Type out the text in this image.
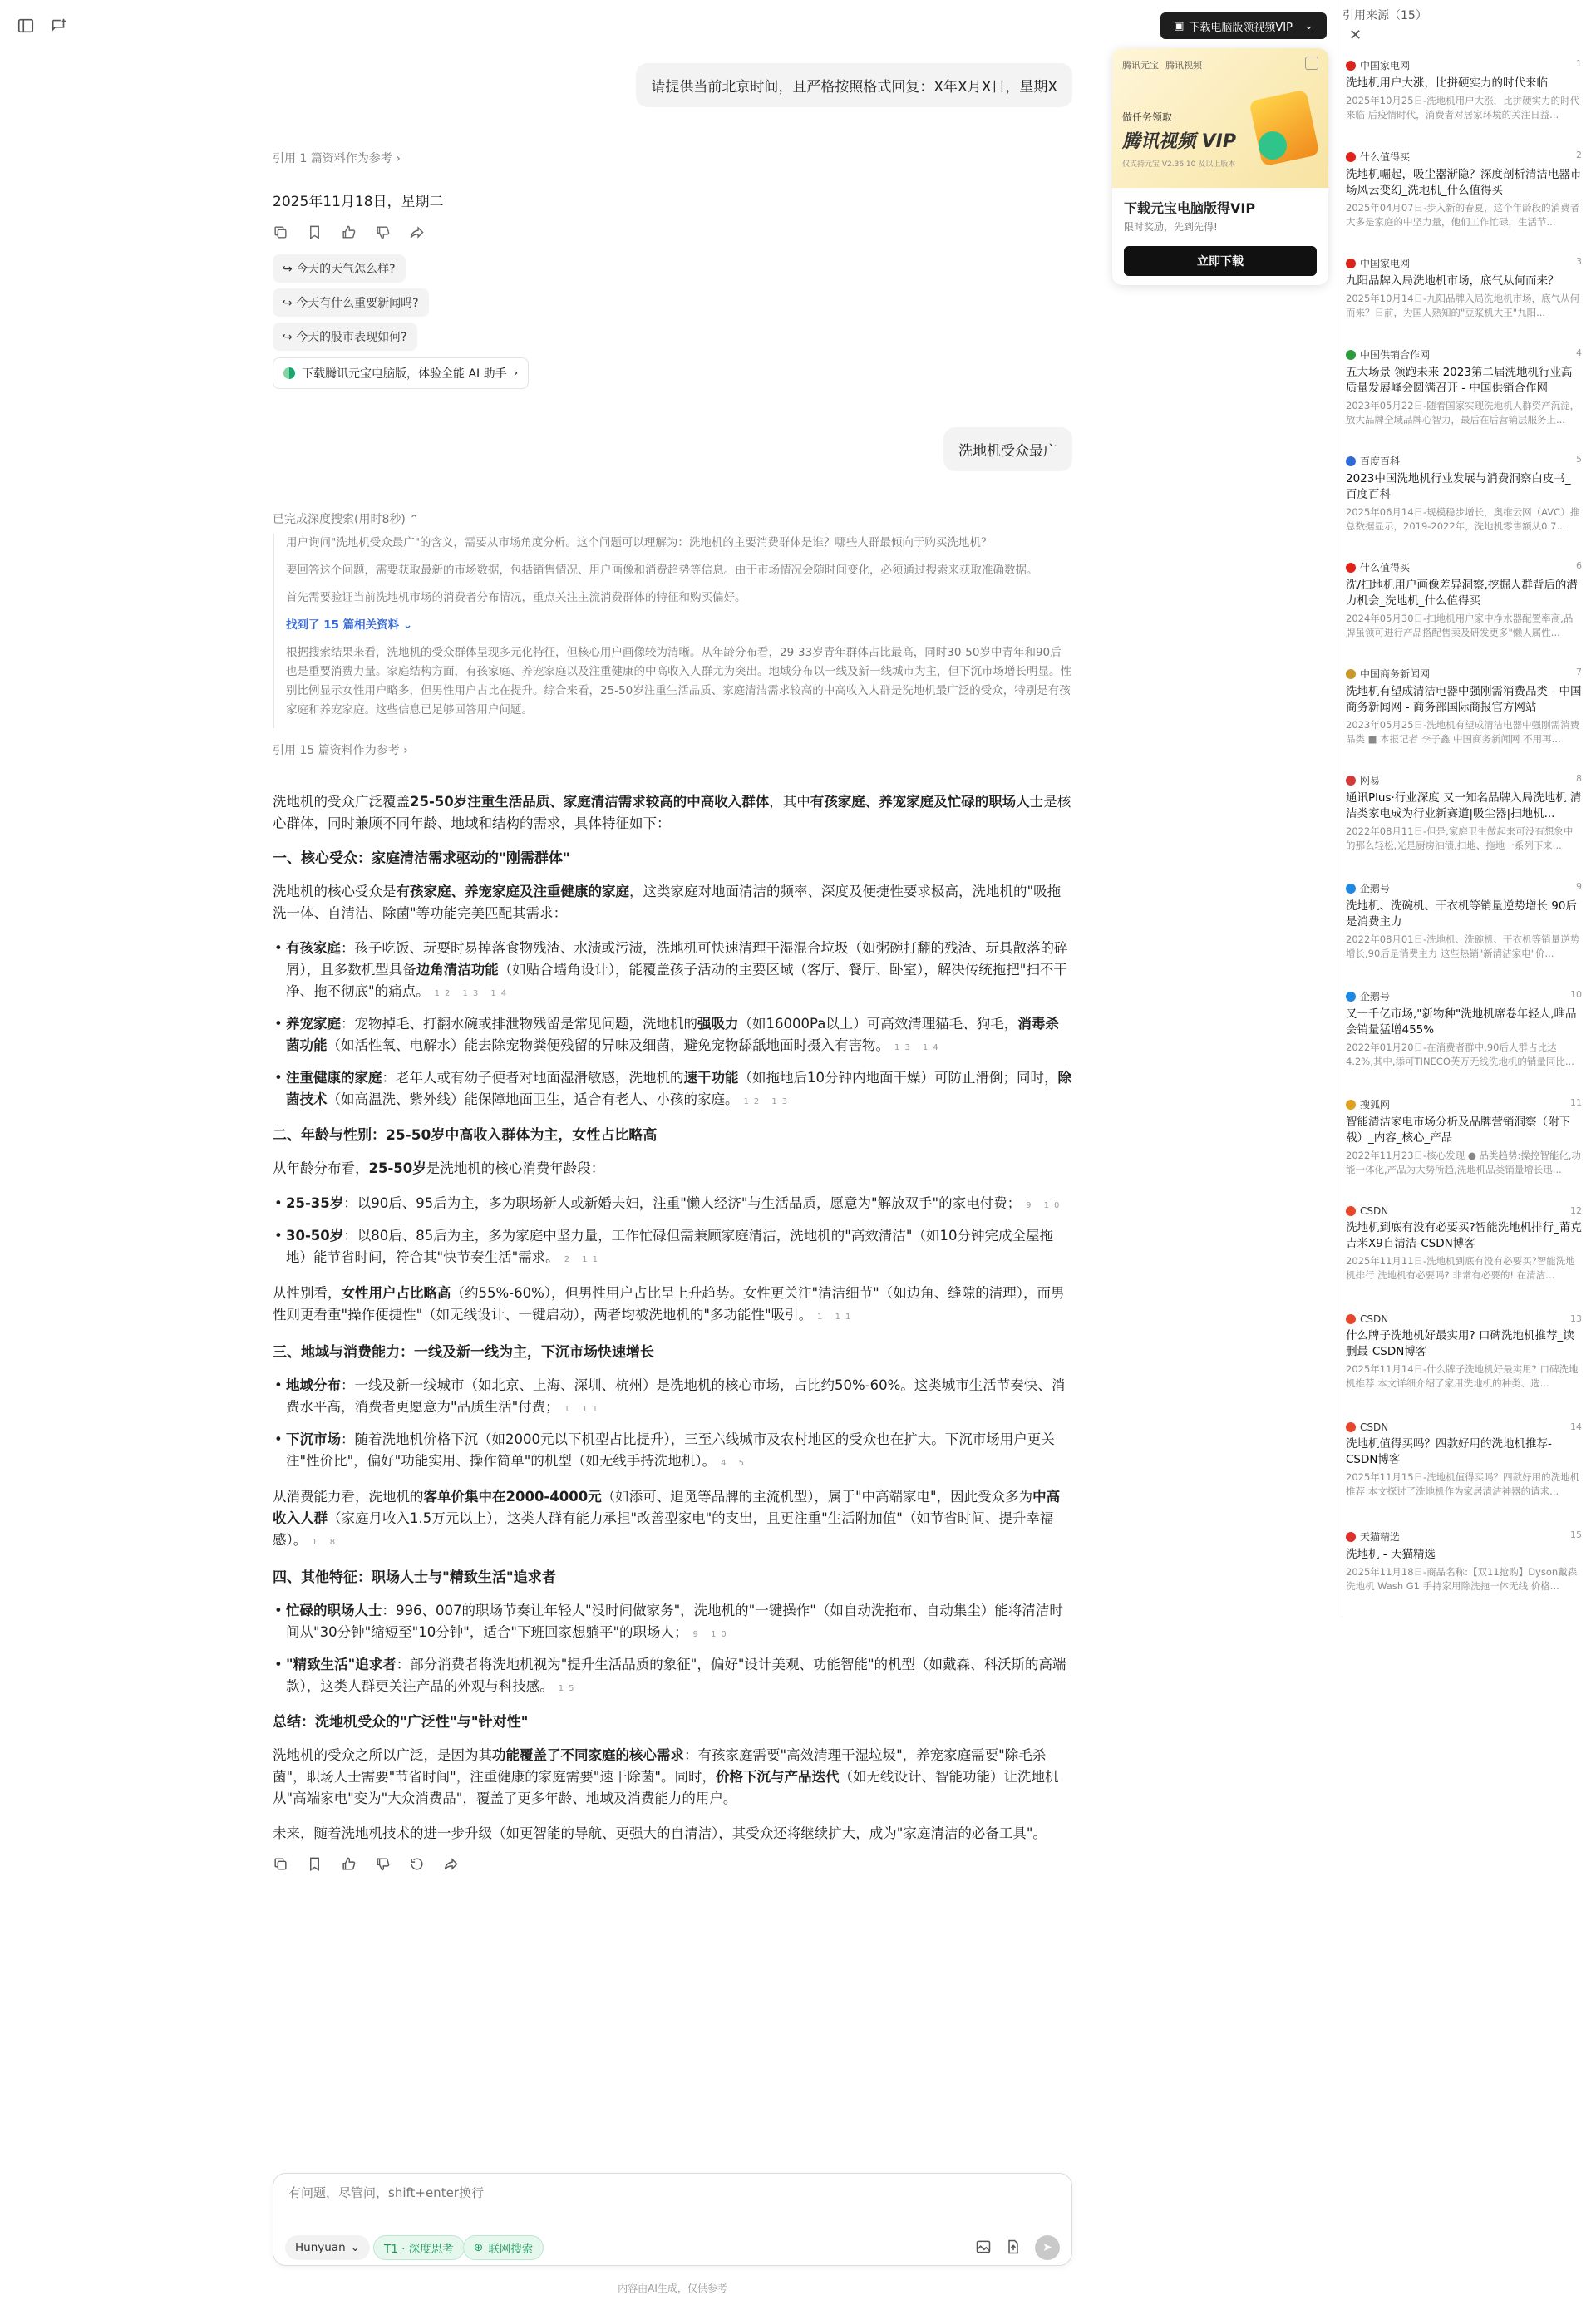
▣ 下载电脑版领视频VIP ⌄
腾讯元宝 腾讯视频
做任务领取
腾讯视频 VIP
仅支持元宝 V2.36.10 及以上版本
下载元宝电脑版得VIP
限时奖励，先到先得!
立即下载
请提供当前北京时间，且严格按照格式回复：X年X月X日，星期X
引用 1 篇资料作为参考 ›
2025年11月18日，星期二
↪ 今天的天气怎么样?
↪ 今天有什么重要新闻吗?
↪ 今天的股市表现如何?
下载腾讯元宝电脑版，体验全能 AI 助手 ›
洗地机受众最广
已完成深度搜索(用时8秒) ⌃

用户询问"洗地机受众最广"的含义，需要从市场角度分析。这个问题可以理解为：洗地机的主要消费群体是谁？哪些人群最倾向于购买洗地机？

要回答这个问题，需要获取最新的市场数据，包括销售情况、用户画像和消费趋势等信息。由于市场情况会随时间变化，必须通过搜索来获取准确数据。

首先需要验证当前洗地机市场的消费者分布情况，重点关注主流消费群体的特征和购买偏好。

找到了 15 篇相关资料 ⌄

根据搜索结果来看，洗地机的受众群体呈现多元化特征，但核心用户画像较为清晰。从年龄分布看，29-33岁青年群体占比最高，同时30-50岁中青年和90后也是重要消费力量。家庭结构方面，有孩家庭、养宠家庭以及注重健康的中高收入人群尤为突出。地域分布以一线及新一线城市为主，但下沉市场增长明显。性别比例显示女性用户略多，但男性用户占比在提升。综合来看，25-50岁注重生活品质、家庭清洁需求较高的中高收入人群是洗地机最广泛的受众，特别是有孩家庭和养宠家庭。这些信息已足够回答用户问题。

引用 15 篇资料作为参考 ›

洗地机的受众广泛覆盖25-50岁注重生活品质、家庭清洁需求较高的中高收入群体，其中有孩家庭、养宠家庭及忙碌的职场人士是核心群体，同时兼顾不同年龄、地域和结构的需求，具体特征如下：

一、核心受众：家庭清洁需求驱动的"刚需群体"

洗地机的核心受众是有孩家庭、养宠家庭及注重健康的家庭，这类家庭对地面清洁的频率、深度及便捷性要求极高，洗地机的"吸拖洗一体、自清洁、除菌"等功能完美匹配其需求：

• 有孩家庭：孩子吃饭、玩耍时易掉落食物残渣、水渍或污渍，洗地机可快速清理干湿混合垃圾（如粥碗打翻的残渣、玩具散落的碎屑），且多数机型具备边角清洁功能（如贴合墙角设计），能覆盖孩子活动的主要区域（客厅、餐厅、卧室），解决传统拖把"扫不干净、拖不彻底"的痛点。 12 13 14
• 养宠家庭：宠物掉毛、打翻水碗或排泄物残留是常见问题，洗地机的强吸力（如16000Pa以上）可高效清理猫毛、狗毛，消毒杀菌功能（如活性氧、电解水）能去除宠物粪便残留的异味及细菌，避免宠物舔舐地面时摄入有害物。 13 14
• 注重健康的家庭：老年人或有幼子便者对地面湿滑敏感，洗地机的速干功能（如拖地后10分钟内地面干燥）可防止滑倒；同时，除菌技术（如高温洗、紫外线）能保障地面卫生，适合有老人、小孩的家庭。 12 13
二、年龄与性别：25-50岁中高收入群体为主，女性占比略高

从年龄分布看，25-50岁是洗地机的核心消费年龄段：

• 25-35岁：以90后、95后为主，多为职场新人或新婚夫妇，注重"懒人经济"与生活品质，愿意为"解放双手"的家电付费； 9 10
• 30-50岁：以80后、85后为主，多为家庭中坚力量，工作忙碌但需兼顾家庭清洁，洗地机的"高效清洁"（如10分钟完成全屋拖地）能节省时间，符合其"快节奏生活"需求。 2 11

从性别看，女性用户占比略高（约55%-60%），但男性用户占比呈上升趋势。女性更关注"清洁细节"（如边角、缝隙的清理），而男性则更看重"操作便捷性"（如无线设计、一键启动），两者均被洗地机的"多功能性"吸引。 1 11

三、地域与消费能力：一线及新一线为主，下沉市场快速增长
• 地域分布：一线及新一线城市（如北京、上海、深圳、杭州）是洗地机的核心市场，占比约50%-60%。这类城市生活节奏快、消费水平高，消费者更愿意为"品质生活"付费； 1 11
• 下沉市场：随着洗地机价格下沉（如2000元以下机型占比提升），三至六线城市及农村地区的受众也在扩大。下沉市场用户更关注"性价比"，偏好"功能实用、操作简单"的机型（如无线手持洗地机）。 4 5

从消费能力看，洗地机的客单价集中在2000-4000元（如添可、追觅等品牌的主流机型），属于"中高端家电"，因此受众多为中高收入人群（家庭月收入1.5万元以上），这类人群有能力承担"改善型家电"的支出，且更注重"生活附加值"（如节省时间、提升幸福感）。 1 8

四、其他特征：职场人士与"精致生活"追求者
• 忙碌的职场人士：996、007的职场节奏让年轻人"没时间做家务"，洗地机的"一键操作"（如自动洗拖布、自动集尘）能将清洁时间从"30分钟"缩短至"10分钟"，适合"下班回家想躺平"的职场人； 9 10
• "精致生活"追求者：部分消费者将洗地机视为"提升生活品质的象征"，偏好"设计美观、功能智能"的机型（如戴森、科沃斯的高端款），这类人群更关注产品的外观与科技感。 15
总结：洗地机受众的"广泛性"与"针对性"

洗地机的受众之所以广泛，是因为其功能覆盖了不同家庭的核心需求：有孩家庭需要"高效清理干湿垃圾"，养宠家庭需要"除毛杀菌"，职场人士需要"节省时间"，注重健康的家庭需要"速干除菌"。同时，价格下沉与产品迭代（如无线设计、智能功能）让洗地机从"高端家电"变为"大众消费品"，覆盖了更多年龄、地域及消费能力的用户。

未来，随着洗地机技术的进一步升级（如更智能的导航、更强大的自清洁），其受众还将继续扩大，成为"家庭清洁的必备工具"。

有问题，尽管问，shift+enter换行
Hunyuan ⌄ T1 · 深度思考 ⊕ 联网搜索	➤
内容由AI生成，仅供参考
引用来源（15）
✕
中国家电网	1
洗地机用户大涨，比拼硬实力的时代来临
2025年10月25日-洗地机用户大涨，比拼硬实力的时代来临 后疫情时代，消费者对居家环境的关注日益...
什么值得买	2
洗地机崛起，吸尘器渐隐？深度剖析清洁电器市场风云变幻_洗地机_什么值得买
2025年04月07日-步入新的春夏，这个年龄段的消费者大多是家庭的中坚力量，他们工作忙碌，生活节...
中国家电网	3
九阳品牌入局洗地机市场，底气从何而来？
2025年10月14日-九阳品牌入局洗地机市场，底气从何而来？日前，为国人熟知的"豆浆机大王"九阳...
中国供销合作网	4
五大场景 领跑未来 2023第二届洗地机行业高质量发展峰会圆满召开 - 中国供销合作网
2023年05月22日-随着国家实现洗地机人群资产沉淀，放大品牌全域品牌心智力，最后在后营销层服务上...
百度百科	5
2023中国洗地机行业发展与消费洞察白皮书_百度百科
2025年06月14日-规模稳步增长，奥维云网（AVC）推总数据显示，2019-2022年，洗地机零售额从0.7...
什么值得买	6
洗/扫地机用户画像差异洞察,挖掘人群背后的潜力机会_洗地机_什么值得买
2024年05月30日-扫地机用户家中净水器配置率高,品牌虽领可进行产品搭配售卖及研发更多"懒人属性...
中国商务新闻网	7
洗地机有望成清洁电器中强刚需消费品类 - 中国商务新闻网 - 商务部国际商报官方网站
2023年05月25日-洗地机有望成清洁电器中强刚需消费品类 ■ 本报记者 李子鑫 中国商务新闻网 不用再...
网易	8
通讯Plus·行业深度 又一知名品牌入局洗地机 清洁类家电成为行业新赛道|吸尘器|扫地机...
2022年08月11日-但是,家庭卫生做起来可没有想象中的那么轻松,光是厨房油渍,扫地、拖地一系列下来...
企鹅号	9
洗地机、洗碗机、干衣机等销量逆势增长 90后是消费主力
2022年08月01日-洗地机、洗碗机、干衣机等销量逆势增长,90后是消费主力 这些热销"新清洁家电"价...
企鹅号	10
又一千亿市场,"新物种"洗地机席卷年轻人,唯品会销量猛增455%
2022年01月20日-在消费者群中,90后人群占比达4.2%,其中,添可TINECO芙万无线洗地机的销量同比...
搜狐网	11
智能清洁家电市场分析及品牌营销洞察（附下载）_内容_核心_产品
2022年11月23日-核心发现 ● 品类趋势:操控智能化,功能一体化,产品为大势所趋,洗地机品类销量增长迅...
CSDN	12
洗地机到底有没有必要买?智能洗地机排行_莆克吉米X9自清洁-CSDN博客
2025年11月11日-洗地机到底有没有必要买?智能洗地机排行 洗地机有必要吗? 非常有必要的! 在清洁...
CSDN	13
什么牌子洗地机好最实用? 口碑洗地机推荐_读删最-CSDN博客
2025年11月14日-什么牌子洗地机好最实用? 口碑洗地机推荐 本文详细介绍了家用洗地机的种类、选...
CSDN	14
洗地机值得买吗？四款好用的洗地机推荐-CSDN博客
2025年11月15日-洗地机值得买吗？四款好用的洗地机推荐 本文探讨了洗地机作为家居清洁神器的请求...
天猫精选	15
洗地机 - 天猫精选
2025年11月18日-商品名称:【双11抢购】Dyson戴森洗地机 Wash G1 手持家用除洗拖一体无线 价格...
